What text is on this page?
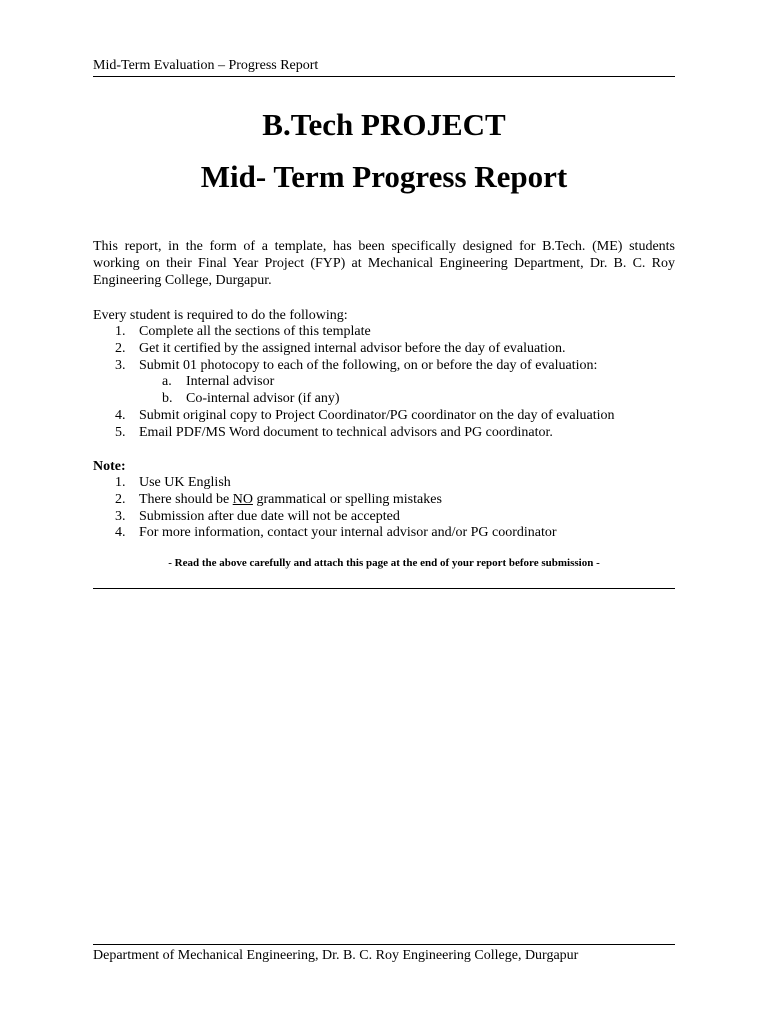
Mid-Term Evaluation – Progress Report
B.Tech PROJECT
Mid- Term Progress Report

This report, in the form of a template, has been specifically designed for B.Tech. (ME) students working on their Final Year Project (FYP) at Mechanical Engineering Department, Dr. B. C. Roy Engineering College, Durgapur.

Every student is required to do the following:

1. Complete all the sections of this template
2. Get it certified by the assigned internal advisor before the day of evaluation.
3. Submit 01 photocopy to each of the following, on or before the day of evaluation:
a.	Internal advisor
b. Co-internal advisor (if any)
4. Submit original copy to Project Coordinator/PG coordinator on the day of evaluation
5. Email PDF/MS Word document to technical advisors and PG coordinator.

Note:

1. Use UK English
2. There should be NO grammatical or spelling mistakes
3. Submission after due date will not be accepted
4. For more information, contact your internal advisor and/or PG coordinator
- Read the above carefully and attach this page at the end of your report before submission -
Department of Mechanical Engineering, Dr. B. C. Roy Engineering College, Durgapur
